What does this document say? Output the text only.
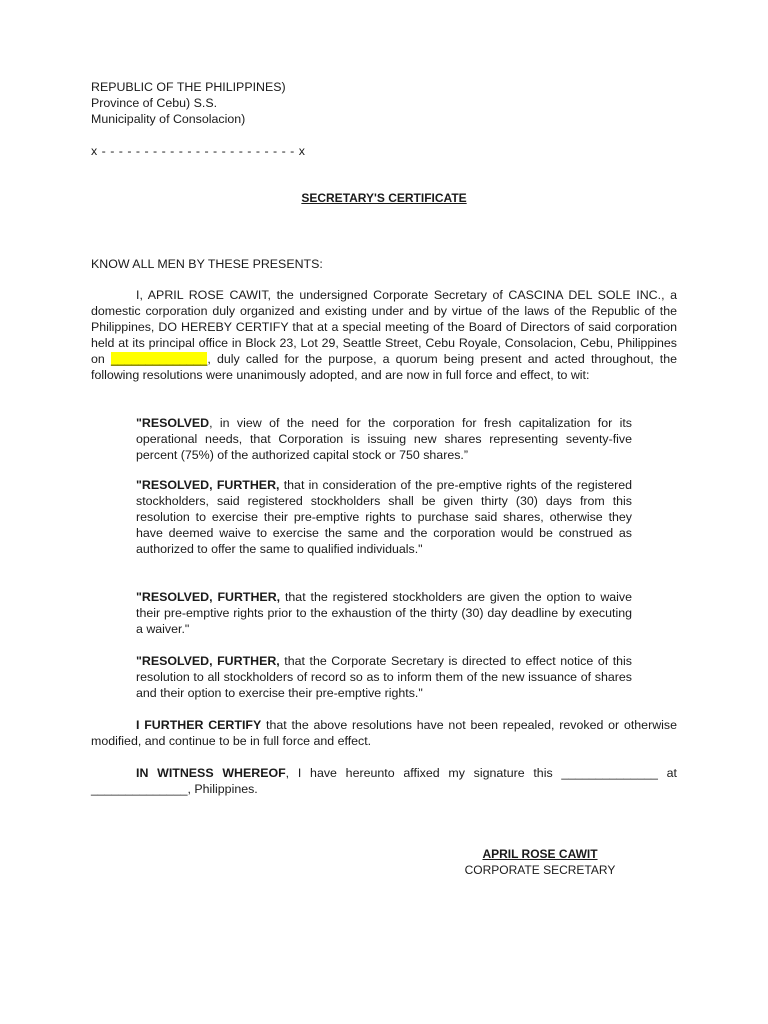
REPUBLIC OF THE PHILIPPINES)
Province of Cebu) S.S.
Municipality of Consolacion)
x - - - - - - - - - - - - - - - - - - - - - - - x
SECRETARY'S CERTIFICATE
KNOW ALL MEN BY THESE PRESENTS:
I, APRIL ROSE CAWIT, the undersigned Corporate Secretary of CASCINA DEL SOLE INC., a domestic corporation duly organized and existing under and by virtue of the laws of the Republic of the Philippines, DO HEREBY CERTIFY that at a special meeting of the Board of Directors of said corporation held at its principal office in Block 23, Lot 29, Seattle Street, Cebu Royale, Consolacion, Cebu, Philippines on ______________, duly called for the purpose, a quorum being present and acted throughout, the following resolutions were unanimously adopted, and are now in full force and effect, to wit:
"RESOLVED, in view of the need for the corporation for fresh capitalization for its operational needs, that Corporation is issuing new shares representing seventy-five percent (75%) of the authorized capital stock or 750 shares.”
"RESOLVED, FURTHER, that in consideration of the pre-emptive rights of the registered stockholders, said registered stockholders shall be given thirty (30) days from this resolution to exercise their pre-emptive rights to purchase said shares, otherwise they have deemed waive to exercise the same and the corporation would be construed as authorized to offer the same to qualified individuals."
"RESOLVED, FURTHER, that the registered stockholders are given the option to waive their pre-emptive rights prior to the exhaustion of the thirty (30) day deadline by executing a waiver."
"RESOLVED, FURTHER, that the Corporate Secretary is directed to effect notice of this resolution to all stockholders of record so as to inform them of the new issuance of shares and their option to exercise their pre-emptive rights."
I FURTHER CERTIFY that the above resolutions have not been repealed, revoked or otherwise modified, and continue to be in full force and effect.
IN WITNESS WHEREOF, I have hereunto affixed my signature this ______________ at ______________, Philippines.
APRIL ROSE CAWIT
CORPORATE SECRETARY
